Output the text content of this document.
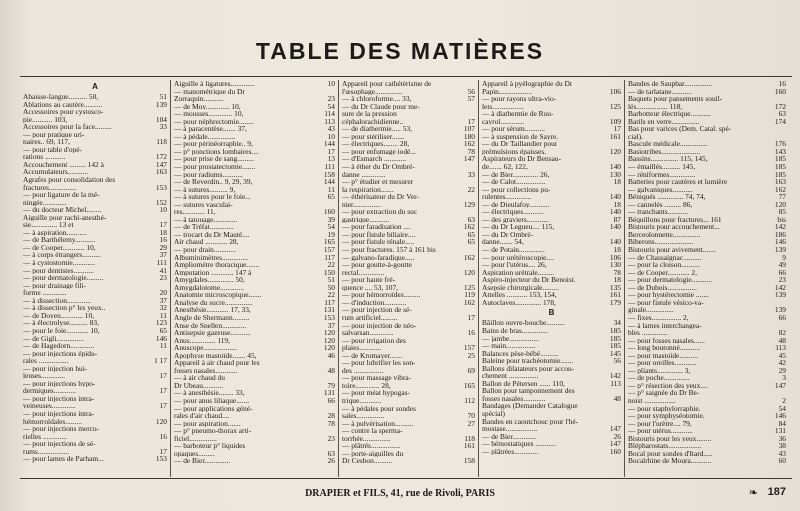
TABLE DES MATIÈRES
A
Abaisse-langue.......... 50,	51
Ablations au cautère..........	139
Accessoires pour cystosco-
pie........... 103,	104
Accessoires pour la face.........	33
— pour pratique uri-
naires.. 69, 117,	118
— pour table d'opé-
rations ...........	172
Accouchement ......... 142 à	147
Accumulateurs...........	163
Agrafes pour consolidation des
fractures...............	153
— pour ligature de la mé-
ningée.............	152
— du docteur Michel........	10
Aiguille pour rachi-anesthé-
sie.............. 13 et	17
— à aspiration...........	18
— de Barthélemy...........	16
— de Cooper............ 10,	29
— à corps étrangers..........	37
— à cystostomie............	111
— pour dentistes...........	41
— pour dermatologie.........	23
— pour drainage fili-
forme .............	20
— à dissection.............	37
— à dissection p° les yeux..	32
— de Doyen............ 10,	11
— à électrolyse.......... 83,	123
— pour le foie............ 10,	65
— de Gigli...............	146
— de Hagedorn.............	11
— pour injections épidu-
rales ................	1 17
— pour injection hui-
leuses.............	17
— pour injections hypo-
dermiques............	17
— pour injections intra-
veineuses.............	17
— pour injections intra-
hémorroïdales.........	120
— pour injections mercu-
rielles .............	16
— pour injections de sé-
rums.................	17
— pour lames de Parham...	153
Aiguille à ligatures.............	10
— manométrique du Dr
Zorraquin...........	23
— de Moy............. 10,	54
— mousses............. 10,	114
— pour néphrectomie........	113
— à paracentèse....... 37,	43
— à pédale...............	10
— pour périnéorraphie.. 9,	144
— p° ponctions lombaires....	17
— pour prise de sang.........	13
— pour prostatectomie.......	111
— pour radiums...........	158
— de Reverdin.. 9, 29, 39,	144
— à sutures.......... 9,	11
— à sutures pour le foie...	65
— sutures vasculai-
res............ 11,	160
— à tatouage.............	39
— de Tréfat.............	54
— trocart du Dr Mauté....	19
Air chaud ............ 28,	165
— pour drain............	157
Albuminimètres..............	117
Ampliomètre thoracique.......	22
Amputation ............ 147 à	150
Amygdales.............. 50,	51
Amygdalotome.............	50
Anatomie microscopique.......	22
Analyse du sucre...............	117
Anesthésie............ 17, 33,	131
Angle de Shermann.........	153
Anse de Snellen.............	37
Antisepsie gazeuse...........	120
Anus.............. 119,	120
Anuscope..................	120
Apophyse mastoïde....... 45,	46
Appareil à air chaud pour les
fosses nasales............	48
— à air chaud du
Dr Ubeau...........	79
— à anesthésie........ 33,	131
— pour anus liliaque.......	66
— pour applications géné-
rales d'air chaud....	28
— pour aspiration.......	78
— p° pneumo-thorax arti-
ficiel...............	23
— barboteur p° liquides
opaques.........	63
— de Bier..............	26
Appareil pour cathétérisme de
l'œsophage...............	56
— à chloroforme.... 33,	57
— du Dr Claude pour me-
sure de la pression
céphalorachidienne..	17
— de diathermie..... 53,	107
— pour stériliser.......	180
— électriques........ 28,	162
— pour enfumage iodé...	78
— d'Esmarch ............	147
— à éther du Dr Ombré-
danne .............	33
— p° étudier et mesurer
la respiration.......	22
— éthérisateur du Dr Ver-
nier...............	129
— pour extraction du suc
gastrique...........	63
— pour faradisation ....	162
— pour fistule biliaire....	65
— pour fistule rénale.....	65
— pour fractures. 157 à 161 bis
— galvano-faradique.....	162
— pour goutte-à-goutte
rectal..............	120
— pour haute fré-
quence .... 53, 107,	125
— pour hémorroïdes.........	119
— d'induction............	162
— pour injection de sé-
rum artificiel.........	17
— pour injection de néo-
salvarsan.............	16
— pour irrigation des
plaies............	157
— de Kromayer.......	25
— pour lubrifier les son-
des ................	69
— pour massage vibra-
toire............. 28,	165
— pour méat hypogas-
trique............	112
— à pédales pour sondes
sales...............	70
— à pulvérisation..........	27
— contre la sperma-
torrhée...............	118
— plâtrés................	161
— porte-aiguilles du
Dr Cesbon..........	158
Appareil à pyélographie du Dr
Papin..................	106
— pour rayons ultra-vio-
lets.................	125
— à diathermie de Rou-
cayrol.............	109
— pour sérum...........	17
— à suspension de Sayre.	161
— du Dr Taillandier pour
prémulsions épaisses.	120
Aspirateurs du Dr Bensau-
de....... 62, 122,	140
— de Bier.............. 26,	130
— de Calot................	18
— pour collections pu-
rulentes..............	140
— de Dieulafoy...........	18
— électriques...........	140
— des graviers............	87
— du Dr Legueu.... 115,	140
— du Dr Ombré-
danne....... 54,	140
— de Potain..............	18
— pour urétéroscopie....	106
— pour l'utérus.... 26,	130
Aspiration urétrale.........	78
Aspiro-injecteur du Dr Benoist.	18
Asepsie chirurgicale.........	135
Attelles ........... 153, 154,	161
Autoclaves.............. 178,	179
B
Bâillon ouvre-bouche..........	34
Bains de bras..............	185
— jambe................	185
— main................	185
Balances pèse-bébé..........	145
Baleine pour trachéotomie.......	56
Ballons dilatateurs pour accou-
chement ................	142
Ballon de Pétersen ...... 110,	113
Ballon pour tamponnement des
fosses nasales............	48
Bandages (Demander Catalogue
spécial)
Bandes en caoutchouc pour l'hé-
mostase.................	147
— de Bier.............	26
— hémostatiques ...........	147
— plâtrées.............	160
Bandes de Saupbar...............	16
— de tarlatane...........	160
Baquets pour pansements souil-
lés................. 118,	172
Barbotteur électrique...........	63
Barils en verre...............	174
Bas pour varices (Dem. Catal. spé-
cial).
Bascule médicale...............	176
Basiotribes.....................	143
Bassins............... 115, 145,	185
— émaillés.......... 145,	185
— réniformes..............	185
Batteries pour cautères et lumière	163
— galvaniques...........	162
Béniqués .............. 74, 74,	77
— cannelés ......... 86,	120
— tranchants...........	85
Béquillons pour fractures... 161	bis
Bistouris pour accouchement...	142
Berceolonnette...............	186
Biberons.....................	146
Bistouris pour avivement.......	139
— de Chassaignac..........	9
— pour la cloison..........	49
— de Cooper............ 2,	66
— pour dermatologie...........	23
— de Dubois................	142
— pour hystérectomie .......	139
— pour fistule vésico-va-
ginale...............	139
— fixes................ 2,	66
— à lames interchangea-
bles ..............	82
— pour fosses nasales......	48
— long boutonné...........	113
— pour mastoïde..........	45
— pour oreilles............	42
— pliants.............. 3,	29
— de poche..............	3
— p° résection des yeux....	147
— p° saignée du Dr Be-
noist .................	2
— pour staphylorraphie.	54
— pour symphyséotomie.	146
— pour l'urètre.... 79,	84
— pour utérus............	131
Bistouris pour les yeux........	36
Blépharostats..................	38
Bocal pour sondes d'Itard.....	43
Bocalrhine de Moura...........	60
DRAPIER et FILS, 41, rue de Rivoli, PARIS	❧ 187
